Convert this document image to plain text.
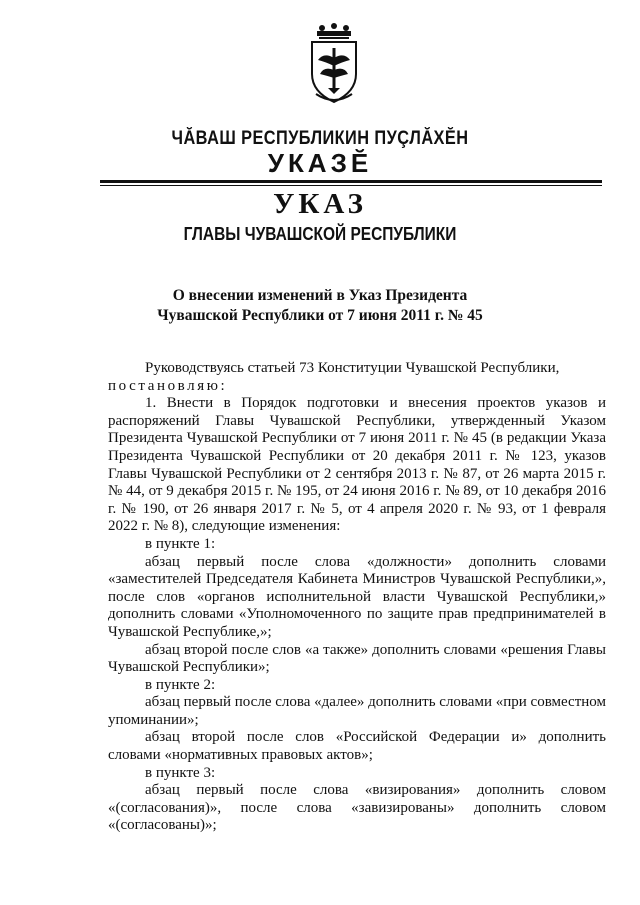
ЧĂВАШ РЕСПУБЛИКИН ПУÇЛĂХĔН
УКАЗĔ
УКАЗ
ГЛАВЫ ЧУВАШСКОЙ РЕСПУБЛИКИ
О внесении изменений в Указ Президента
Чувашской Республики от 7 июня 2011 г. № 45

Руководствуясь статьей 73 Конституции Чувашской Республики,

постановляю:

1. Внести в Порядок подготовки и внесения проектов указов и распоряжений Главы Чувашской Республики, утвержденный Указом Президента Чувашской Республики от 7 июня 2011 г. № 45 (в редакции Указа Президента Чувашской Республики от 20 декабря 2011 г. № 123, указов Главы Чувашской Республики от 2 сентября 2013 г. № 87, от 26 марта 2015 г. № 44, от 9 декабря 2015 г. № 195, от 24 июня 2016 г. № 89, от 10 декабря 2016 г. № 190, от 26 января 2017 г. № 5, от 4 апреля 2020 г. № 93, от 1 февраля 2022 г. № 8), следующие изменения:

в пункте 1:

абзац первый после слова «должности» дополнить словами «заместителей Председателя Кабинета Министров Чувашской Республики,», после слов «органов исполнительной власти Чувашской Республики,» дополнить словами «Уполномоченного по защите прав предпринимателей в Чувашской Республике,»;

абзац второй после слов «а также» дополнить словами «решения Главы Чувашской Республики»;

в пункте 2:

абзац первый после слова «далее» дополнить словами «при совместном упоминании»;

абзац второй после слов «Российской Федерации и» дополнить словами «нормативных правовых актов»;

в пункте 3:

абзац первый после слова «визирования» дополнить словом «(согласования)», после слова «завизированы» дополнить словом «(согласованы)»;
